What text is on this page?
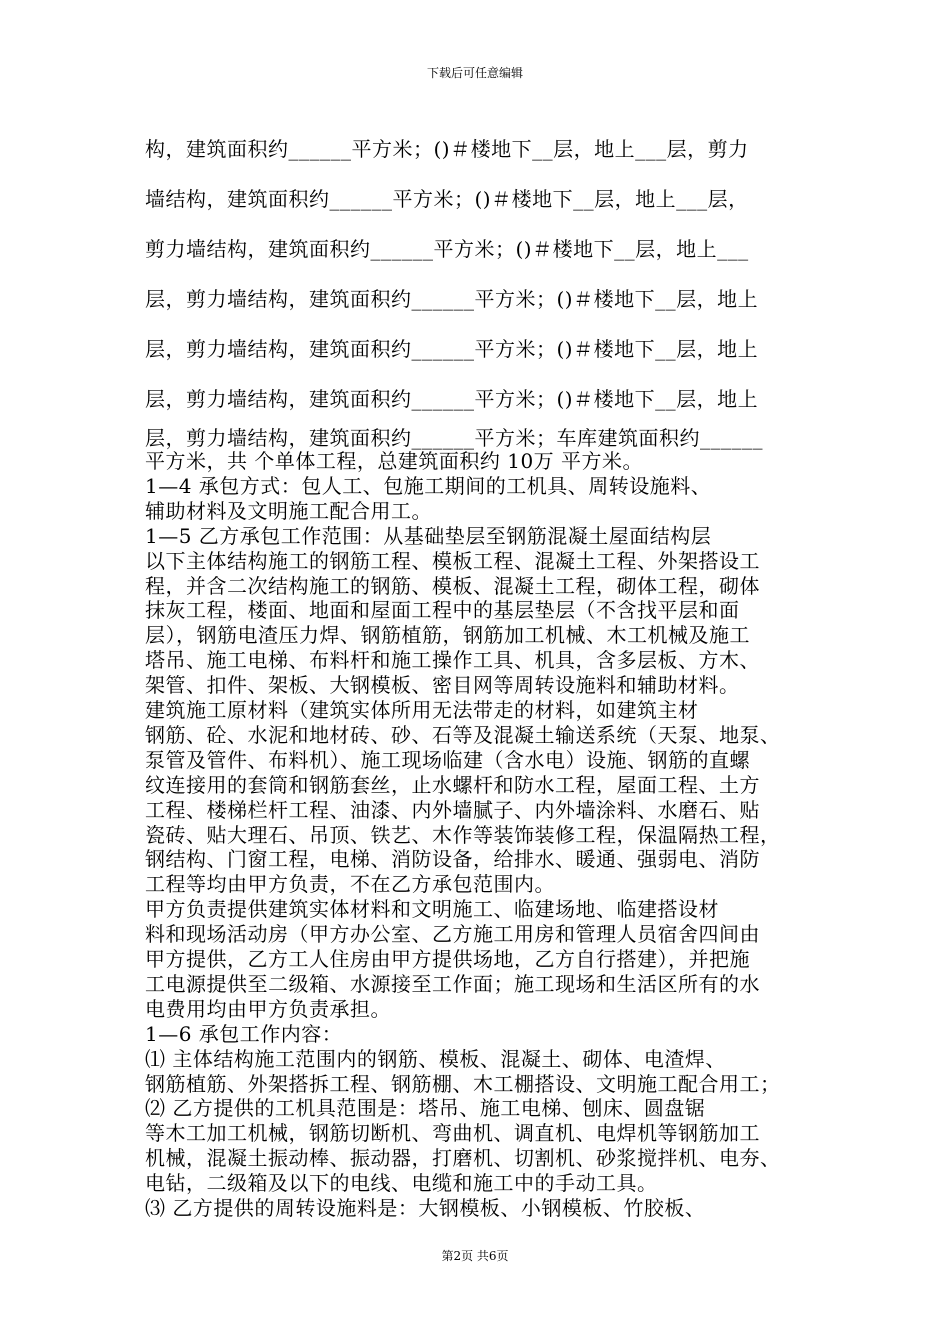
下载后可任意编辑
构，建筑面积约______平方米；()＃楼地下__层，地上___层，剪力
墙结构，建筑面积约______平方米；()＃楼地下__层，地上___层，
剪力墙结构，建筑面积约______平方米；()＃楼地下__层，地上___
层，剪力墙结构，建筑面积约______平方米；()＃楼地下__层，地上
层，剪力墙结构，建筑面积约______平方米；()＃楼地下__层，地上
层，剪力墙结构，建筑面积约______平方米；()＃楼地下__层，地上
层，剪力墙结构，建筑面积约______平方米；车库建筑面积约______
平方米，共 个单体工程，总建筑面积约 10万 平方米。
1—4 承包方式：包人工、包施工期间的工机具、周转设施料、
辅助材料及文明施工配合用工。
1—5 乙方承包工作范围：从基础垫层至钢筋混凝土屋面结构层
以下主体结构施工的钢筋工程、模板工程、混凝土工程、外架搭设工
程，并含二次结构施工的钢筋、模板、混凝土工程，砌体工程，砌体
抹灰工程，楼面、地面和屋面工程中的基层垫层（不含找平层和面
层），钢筋电渣压力焊、钢筋植筋，钢筋加工机械、木工机械及施工
塔吊、施工电梯、布料杆和施工操作工具、机具，含多层板、方木、
架管、扣件、架板、大钢模板、密目网等周转设施料和辅助材料。
建筑施工原材料（建筑实体所用无法带走的材料，如建筑主材
钢筋、砼、水泥和地材砖、砂、石等及混凝土输送系统（天泵、地泵、
泵管及管件、布料机）、施工现场临建（含水电）设施、钢筋的直螺
纹连接用的套筒和钢筋套丝，止水螺杆和防水工程，屋面工程、土方
工程、楼梯栏杆工程、油漆、内外墙腻子、内外墙涂料、水磨石、贴
瓷砖、贴大理石、吊顶、铁艺、木作等装饰装修工程，保温隔热工程，
钢结构、门窗工程，电梯、消防设备，给排水、暖通、强弱电、消防
工程等均由甲方负责，不在乙方承包范围内。
甲方负责提供建筑实体材料和文明施工、临建场地、临建搭设材
料和现场活动房（甲方办公室、乙方施工用房和管理人员宿舍四间由
甲方提供，乙方工人住房由甲方提供场地，乙方自行搭建），并把施
工电源提供至二级箱、水源接至工作面；施工现场和生活区所有的水
电费用均由甲方负责承担。
1—6 承包工作内容：
⑴ 主体结构施工范围内的钢筋、模板、混凝土、砌体、电渣焊、
钢筋植筋、外架搭拆工程、钢筋棚、木工棚搭设、文明施工配合用工；
⑵ 乙方提供的工机具范围是：塔吊、施工电梯、刨床、圆盘锯
等木工加工机械，钢筋切断机、弯曲机、调直机、电焊机等钢筋加工
机械，混凝土振动棒、振动器，打磨机、切割机、砂浆搅拌机、电夯、
电钻，二级箱及以下的电线、电缆和施工中的手动工具。
⑶ 乙方提供的周转设施料是：大钢模板、小钢模板、竹胶板、
第2页 共6页
